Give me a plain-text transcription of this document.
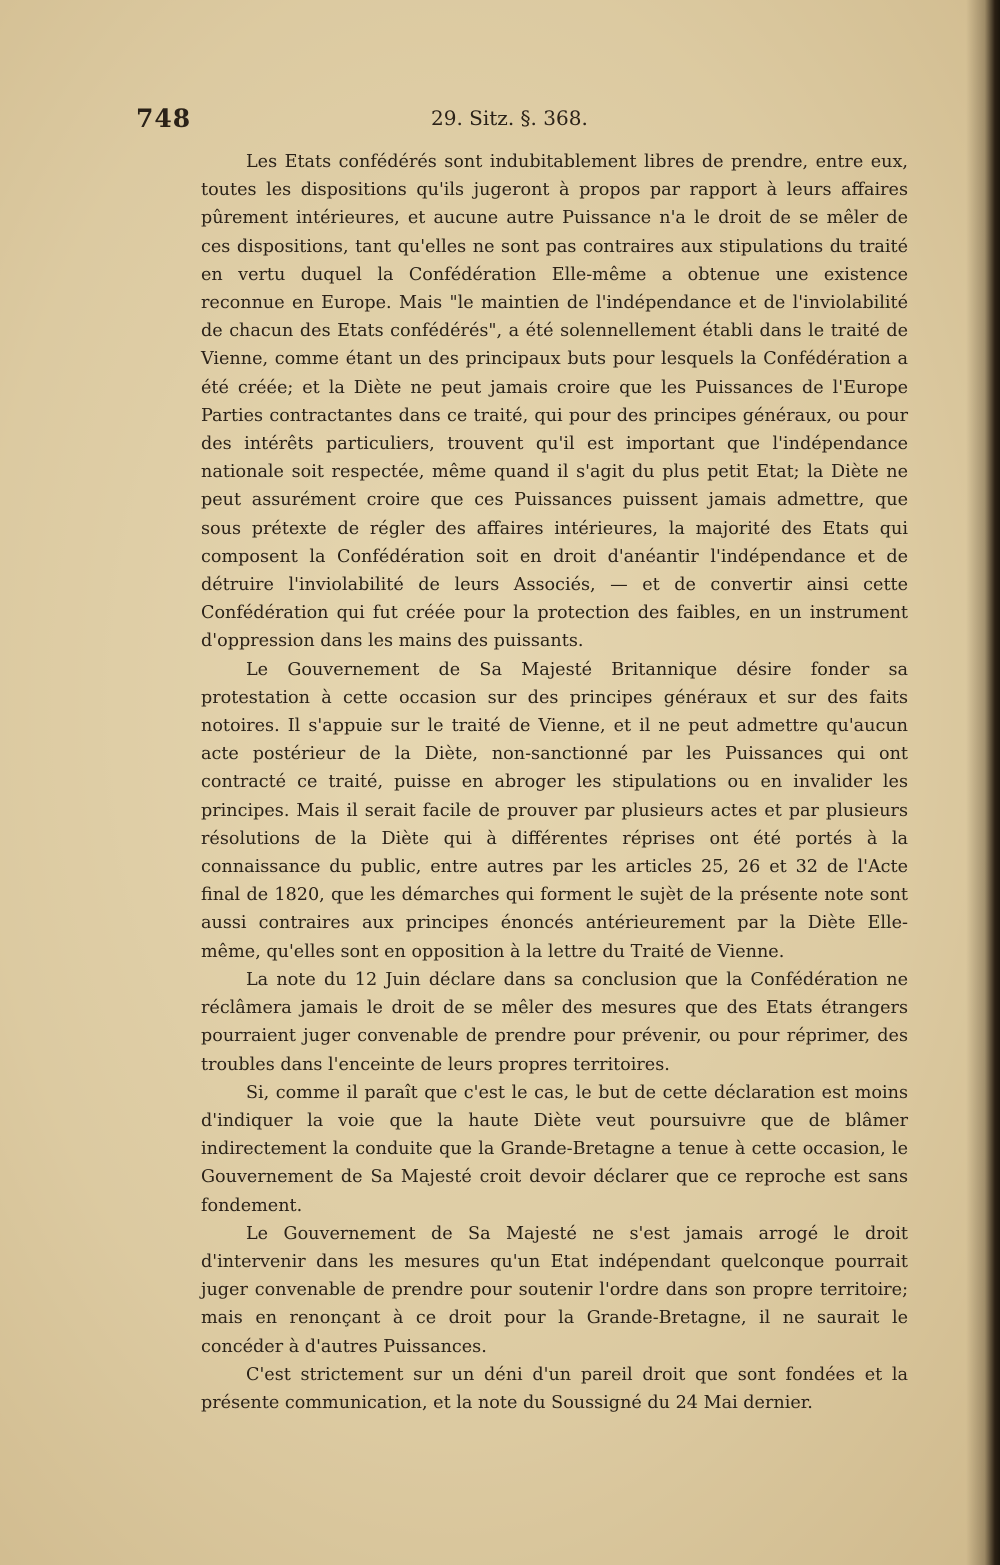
748	29. Sitz. §. 368.

Les Etats confédérés sont indubitablement libres de prendre, entre eux, toutes les dispositions qu'ils jugeront à propos par rapport à leurs affaires pûrement intérieures, et aucune autre Puissance n'a le droit de se mêler de ces dispositions, tant qu'elles ne sont pas contraires aux stipulations du traité en vertu duquel la Confédération Elle-même a obtenue une existence reconnue en Europe. Mais "le maintien de l'indépendance et de l'inviolabilité de chacun des Etats confédérés", a été solennellement établi dans le traité de Vienne, comme étant un des principaux buts pour lesquels la Confédération a été créée; et la Diète ne peut jamais croire que les Puissances de l'Europe Parties contractantes dans ce traité, qui pour des principes généraux, ou pour des intérêts particuliers, trouvent qu'il est important que l'indépendance nationale soit respectée, même quand il s'agit du plus petit Etat; la Diète ne peut assurément croire que ces Puissances puissent jamais admettre, que sous prétexte de régler des affaires intérieures, la majorité des Etats qui composent la Confédération soit en droit d'anéantir l'indépendance et de détruire l'inviolabilité de leurs Associés, — et de convertir ainsi cette Confédération qui fut créée pour la protection des faibles, en un instrument d'oppression dans les mains des puissants.

Le Gouvernement de Sa Majesté Britannique désire fonder sa protestation à cette occasion sur des principes généraux et sur des faits notoires. Il s'appuie sur le traité de Vienne, et il ne peut admettre qu'aucun acte postérieur de la Diète, non-sanctionné par les Puissances qui ont contracté ce traité, puisse en abroger les stipulations ou en invalider les principes. Mais il serait facile de prouver par plusieurs actes et par plusieurs résolutions de la Diète qui à différentes réprises ont été portés à la connaissance du public, entre autres par les articles 25, 26 et 32 de l'Acte final de 1820, que les démarches qui forment le sujèt de la présente note sont aussi contraires aux principes énoncés antérieurement par la Diète Elle-même, qu'elles sont en opposition à la lettre du Traité de Vienne.

La note du 12 Juin déclare dans sa conclusion que la Confédération ne réclâmera jamais le droit de se mêler des mesures que des Etats étrangers pourraient juger convenable de prendre pour prévenir, ou pour réprimer, des troubles dans l'enceinte de leurs propres territoires.

Si, comme il paraît que c'est le cas, le but de cette déclaration est moins d'indiquer la voie que la haute Diète veut poursuivre que de blâmer indirectement la conduite que la Grande-Bretagne a tenue à cette occasion, le Gouvernement de Sa Majesté croit devoir déclarer que ce reproche est sans fondement.

Le Gouvernement de Sa Majesté ne s'est jamais arrogé le droit d'intervenir dans les mesures qu'un Etat indépendant quelconque pourrait juger convenable de prendre pour soutenir l'ordre dans son propre territoire; mais en renonçant à ce droit pour la Grande-Bretagne, il ne saurait le concéder à d'autres Puissances.

C'est strictement sur un déni d'un pareil droit que sont fondées et la présente communication, et la note du Soussigné du 24 Mai dernier.
